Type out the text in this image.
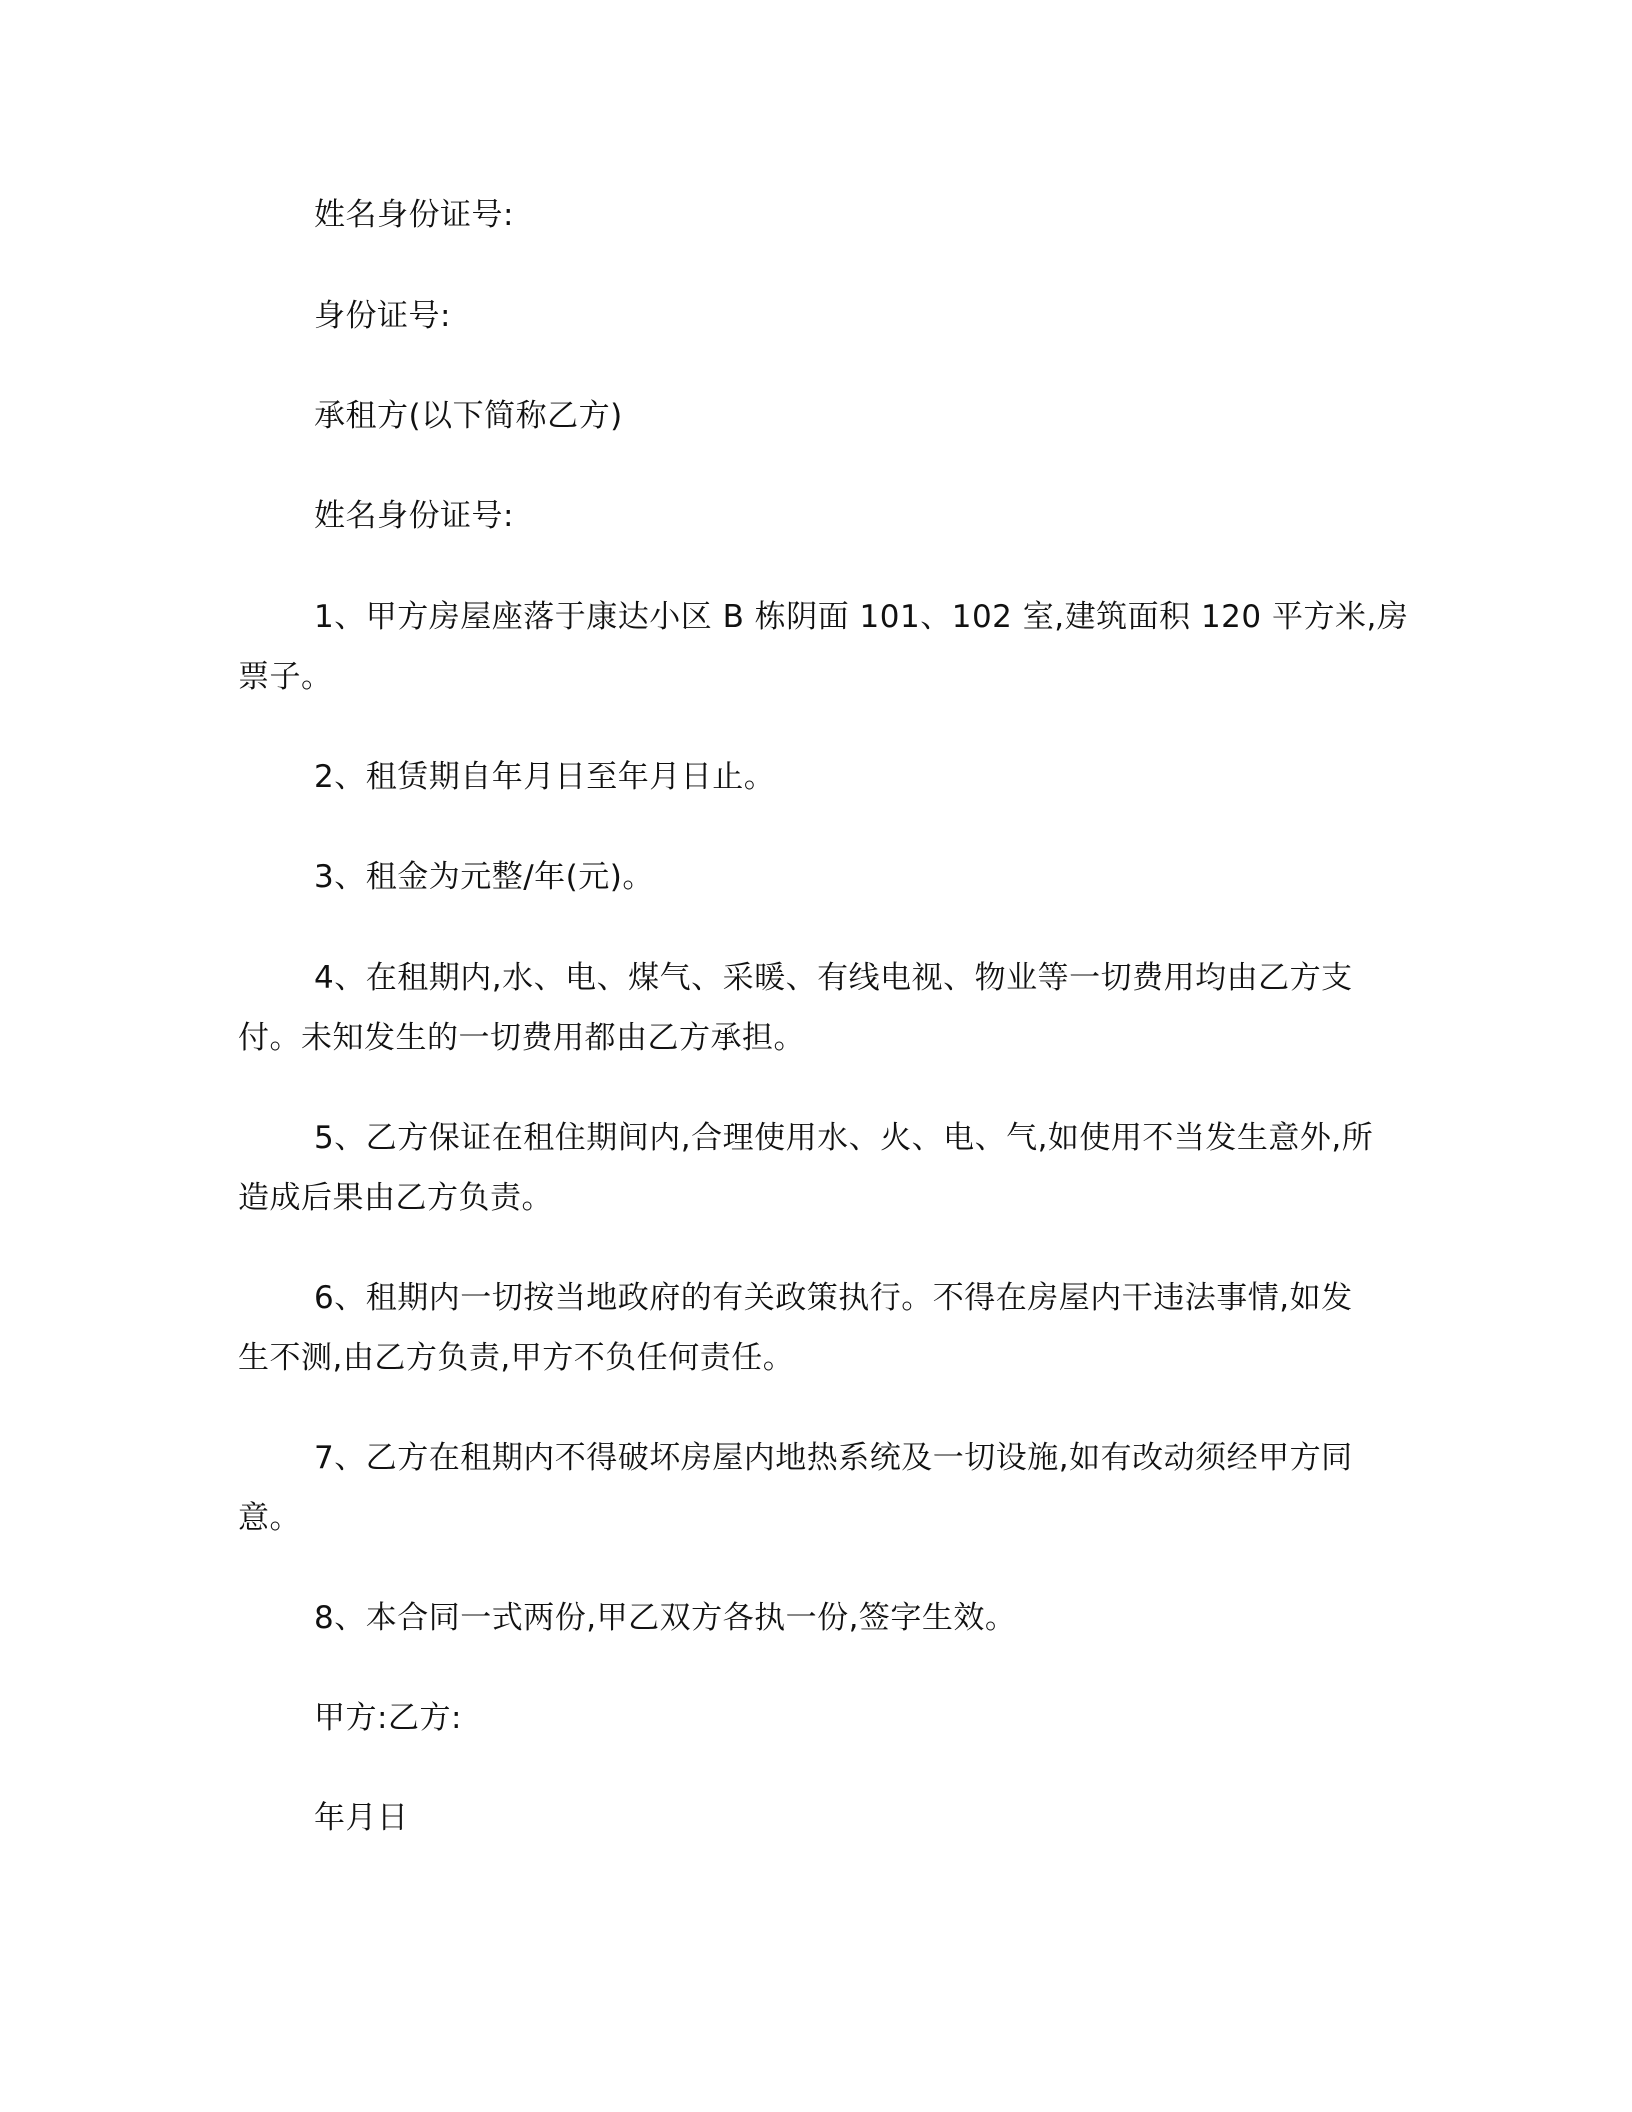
姓名身份证号:
身份证号:
承租方(以下简称乙方)
姓名身份证号:
1、甲方房屋座落于康达小区 B 栋阴面 101、102 室,建筑面积 120 平方米,房
票子。
2、租赁期自年月日至年月日止。
3、租金为元整/年(元)。
4、在租期内,水、电、煤气、采暖、有线电视、物业等一切费用均由乙方支
付。未知发生的一切费用都由乙方承担。
5、乙方保证在租住期间内,合理使用水、火、电、气,如使用不当发生意外,所
造成后果由乙方负责。
6、租期内一切按当地政府的有关政策执行。不得在房屋内干违法事情,如发
生不测,由乙方负责,甲方不负任何责任。
7、乙方在租期内不得破坏房屋内地热系统及一切设施,如有改动须经甲方同
意。
8、本合同一式两份,甲乙双方各执一份,签字生效。
甲方:乙方:
年月日
